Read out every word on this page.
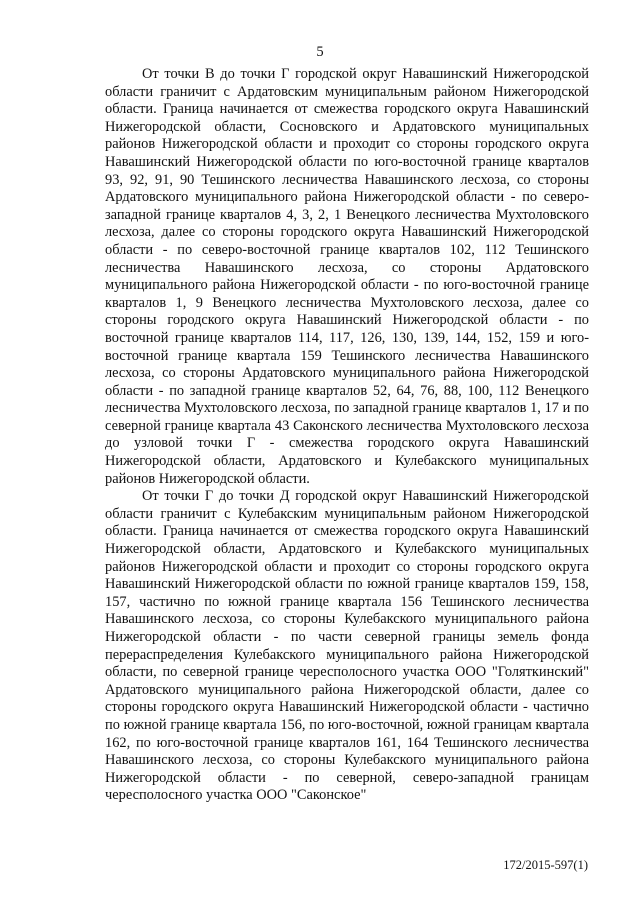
5

От точки В до точки Г городской округ Навашинский Нижегородской области граничит с Ардатовским муниципальным районом Нижегородской области. Граница начинается от смежества городского округа Навашинский Нижегородской области, Сосновского и Ардатовского муниципальных районов Нижегородской области и проходит со стороны городского округа Навашинский Нижегородской области по юго-восточной границе кварталов 93, 92, 91, 90 Тешинского лесничества Навашинского лесхоза, со стороны Ардатовского муниципального района Нижегородской области - по северо-западной границе кварталов 4, 3, 2, 1 Венецкого лесничества Мухтоловского лесхоза, далее со стороны городского округа Навашинский Нижегородской области - по северо-восточной границе кварталов 102, 112 Тешинского лесничества Навашинского лесхоза, со стороны Ардатовского муниципального района Нижегородской области - по юго-восточной границе кварталов 1, 9 Венецкого лесничества Мухтоловского лесхоза, далее со стороны городского округа Навашинский Нижегородской области - по восточной границе кварталов 114, 117, 126, 130, 139, 144, 152, 159 и юго-восточной границе квартала 159 Тешинского лесничества Навашинского лесхоза, со стороны Ардатовского муниципального района Нижегородской области - по западной границе кварталов 52, 64, 76, 88, 100, 112 Венецкого лесничества Мухтоловского лесхоза, по западной границе кварталов 1, 17 и по северной границе квартала 43 Саконского лесничества Мухтоловского лесхоза до узловой точки Г - смежества городского округа Навашинский Нижегородской области, Ардатовского и Кулебакского муниципальных районов Нижегородской области.

От точки Г до точки Д городской округ Навашинский Нижегородской области граничит с Кулебакским муниципальным районом Нижегородской области. Граница начинается от смежества городского округа Навашинский Нижегородской области, Ардатовского и Кулебакского муниципальных районов Нижегородской области и проходит со стороны городского округа Навашинский Нижегородской области по южной границе кварталов 159, 158, 157, частично по южной границе квартала 156 Тешинского лесничества Навашинского лесхоза, со стороны Кулебакского муниципального района Нижегородской области - по части северной границы земель фонда перераспределения Кулебакского муниципального района Нижегородской области, по северной границе чересполосного участка ООО "Голяткинский" Ардатовского муниципального района Нижегородской области, далее со стороны городского округа Навашинский Нижегородской области - частично по южной границе квартала 156, по юго-восточной, южной границам квартала 162, по юго-восточной границе кварталов 161, 164 Тешинского лесничества Навашинского лесхоза, со стороны Кулебакского муниципального района Нижегородской области - по северной, северо-западной границам чересполосного участка ООО "Саконское"

172/2015-597(1)
